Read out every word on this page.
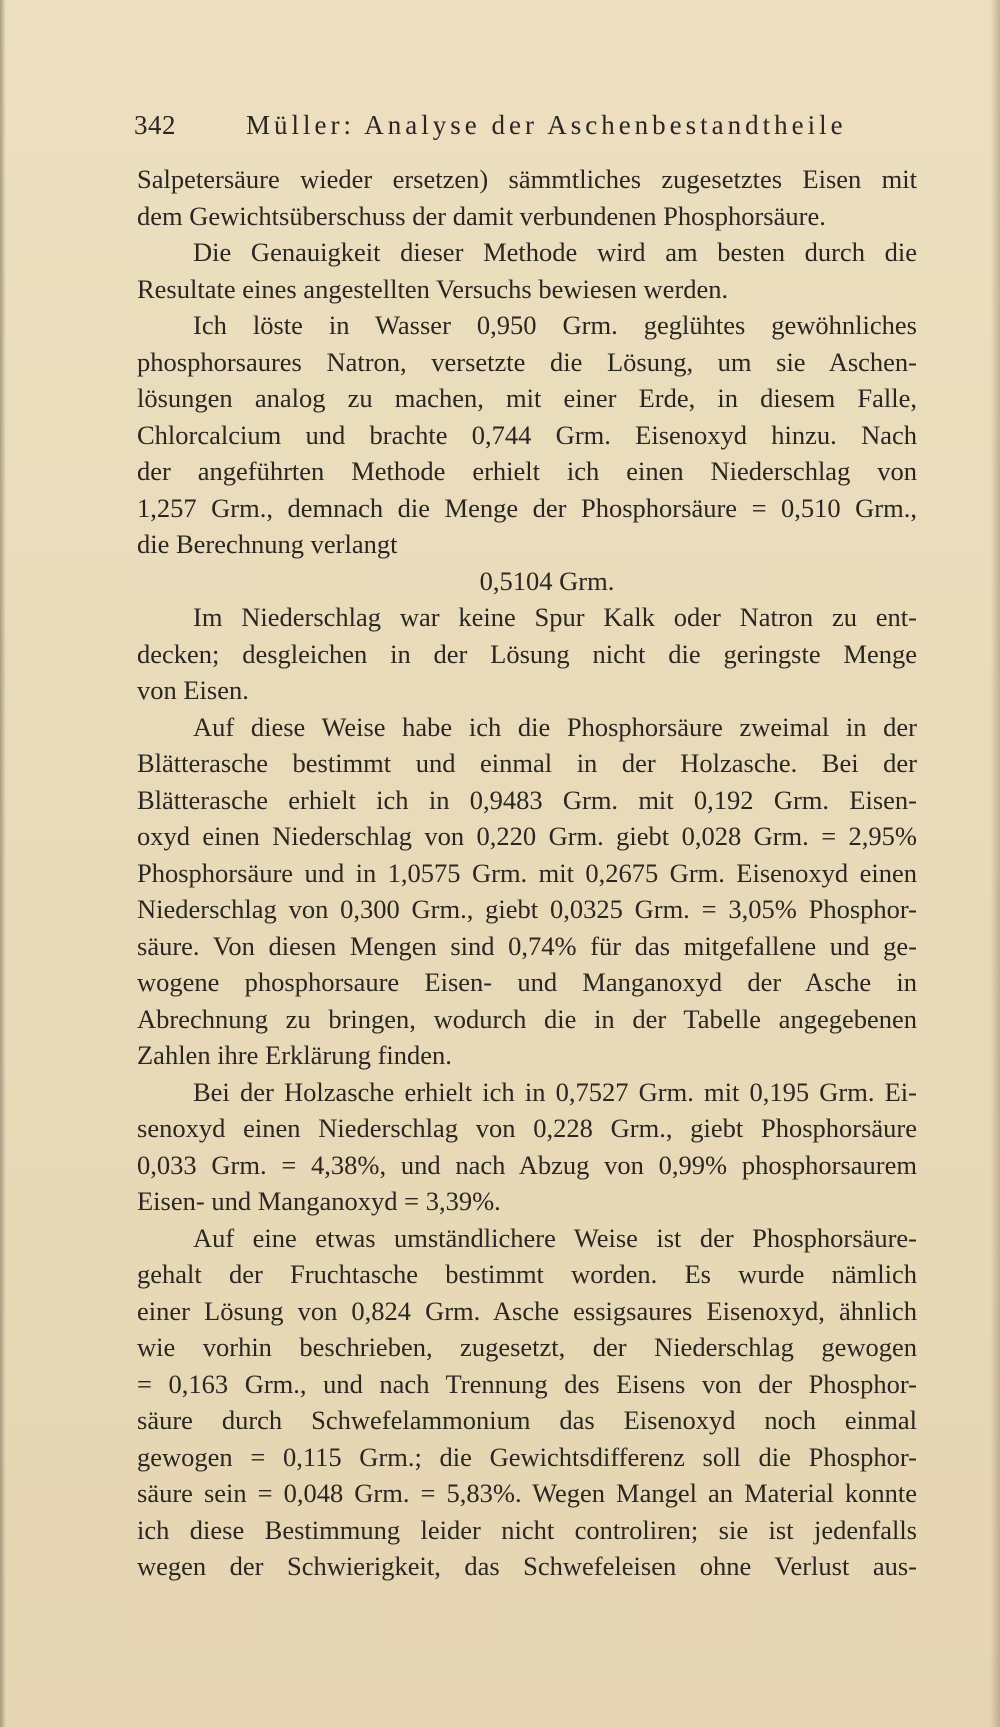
342	Müller: Analyse der Aschenbestandtheile
Salpetersäure wieder ersetzen) sämmtliches zugesetztes Eisen mit
dem Gewichtsüberschuss der damit verbundenen Phosphorsäure.
Die Genauigkeit dieser Methode wird am besten durch die
Resultate eines angestellten Versuchs bewiesen werden.
Ich löste in Wasser 0,950 Grm. geglühtes gewöhnliches
phosphorsaures Natron, versetzte die Lösung, um sie Aschen-
lösungen analog zu machen, mit einer Erde, in diesem Falle,
Chlorcalcium und brachte 0,744 Grm. Eisenoxyd hinzu. Nach
der angeführten Methode erhielt ich einen Niederschlag von
1,257 Grm., demnach die Menge der Phosphorsäure = 0,510 Grm.,
die Berechnung verlangt
0,5104 Grm.
Im Niederschlag war keine Spur Kalk oder Natron zu ent-
decken; desgleichen in der Lösung nicht die geringste Menge
von Eisen.
Auf diese Weise habe ich die Phosphorsäure zweimal in der
Blätterasche bestimmt und einmal in der Holzasche. Bei der
Blätterasche erhielt ich in 0,9483 Grm. mit 0,192 Grm. Eisen-
oxyd einen Niederschlag von 0,220 Grm. giebt 0,028 Grm. = 2,95%
Phosphorsäure und in 1,0575 Grm. mit 0,2675 Grm. Eisenoxyd einen
Niederschlag von 0,300 Grm., giebt 0,0325 Grm. = 3,05% Phosphor-
säure. Von diesen Mengen sind 0,74% für das mitgefallene und ge-
wogene phosphorsaure Eisen- und Manganoxyd der Asche in
Abrechnung zu bringen, wodurch die in der Tabelle angegebenen
Zahlen ihre Erklärung finden.
Bei der Holzasche erhielt ich in 0,7527 Grm. mit 0,195 Grm. Ei-
senoxyd einen Niederschlag von 0,228 Grm., giebt Phosphorsäure
0,033 Grm. = 4,38%, und nach Abzug von 0,99% phosphorsaurem
Eisen- und Manganoxyd = 3,39%.
Auf eine etwas umständlichere Weise ist der Phosphorsäure-
gehalt der Fruchtasche bestimmt worden. Es wurde nämlich
einer Lösung von 0,824 Grm. Asche essigsaures Eisenoxyd, ähnlich
wie vorhin beschrieben, zugesetzt, der Niederschlag gewogen
= 0,163 Grm., und nach Trennung des Eisens von der Phosphor-
säure durch Schwefelammonium das Eisenoxyd noch einmal
gewogen = 0,115 Grm.; die Gewichtsdifferenz soll die Phosphor-
säure sein = 0,048 Grm. = 5,83%. Wegen Mangel an Material konnte
ich diese Bestimmung leider nicht controliren; sie ist jedenfalls
wegen der Schwierigkeit, das Schwefeleisen ohne Verlust aus-
